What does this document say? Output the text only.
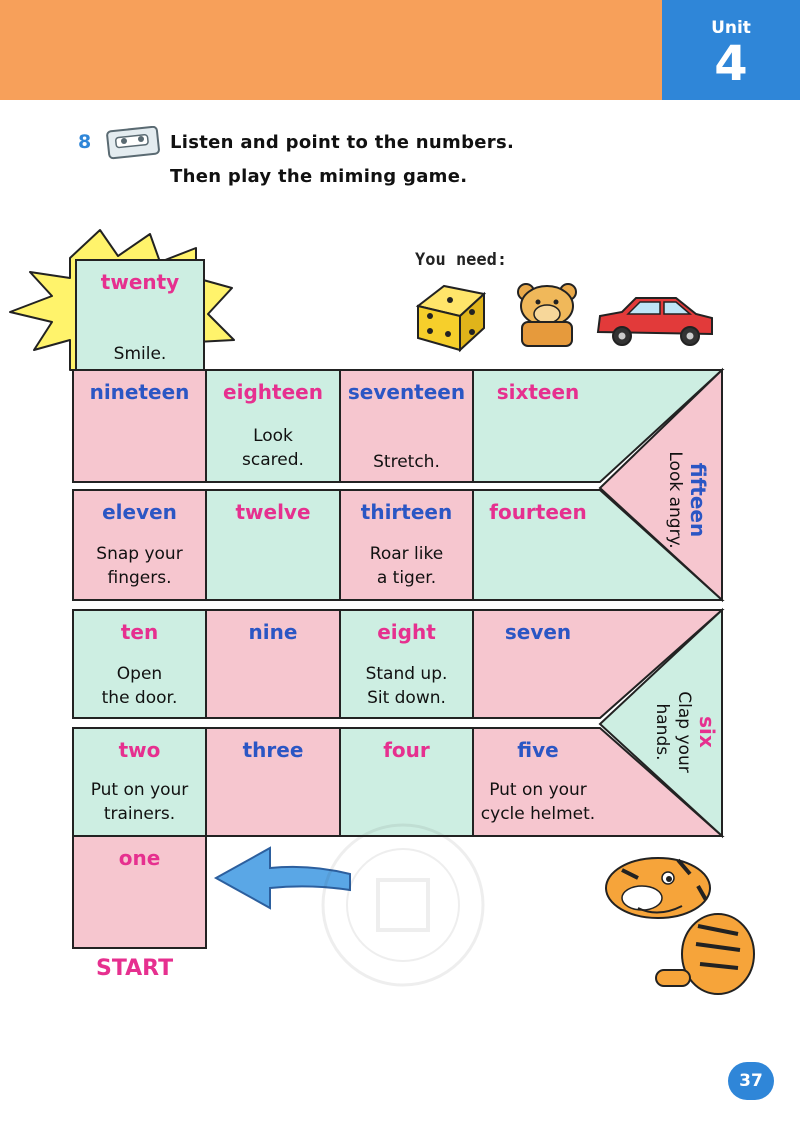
Unit
4
8	Listen and point to the numbers.
Then play the miming game.
You need:
twenty
Smile.
nineteen	eighteen
Look
scared.
seventeen
Stretch.
sixteen
fifteen
Look angry.
eleven
Snap your
fingers.
twelve	thirteen
Roar like
a tiger.
fourteen
ten
Open
the door.
nine	eight
Stand up.
Sit down.
seven
six
Clap your
hands.
two
Put on your
trainers.
three	four	five
Put on your
cycle helmet.
one
START
37
